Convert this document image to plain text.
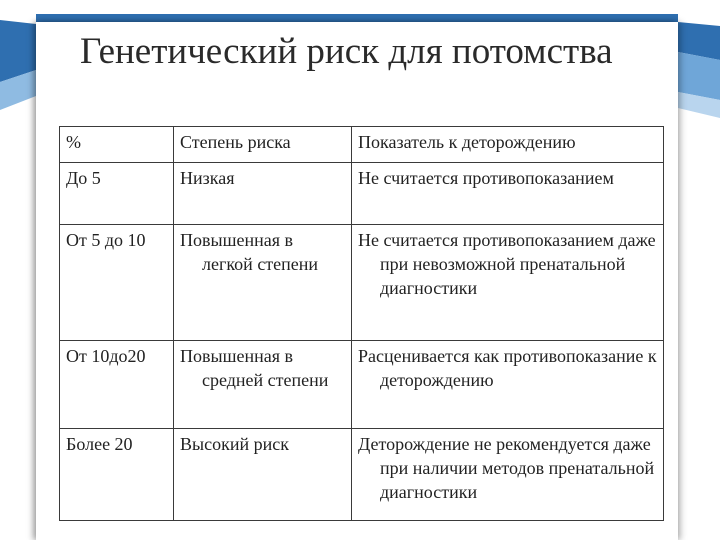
Генетический риск для потомства
%	Степень риска	Показатель к деторождению
До 5	Низкая	Не считается противопоказанием

От 5 до 10	Повышенная в легкой степени	Не считается противопоказанием даже при невозможной пренатальной диагностики

От 10до20	Повышенная в средней степени	Расценивается как противопоказание к деторождению

Более 20	Высокий риск	Деторождение не рекомендуется даже при наличии методов пренатальной диагностики
